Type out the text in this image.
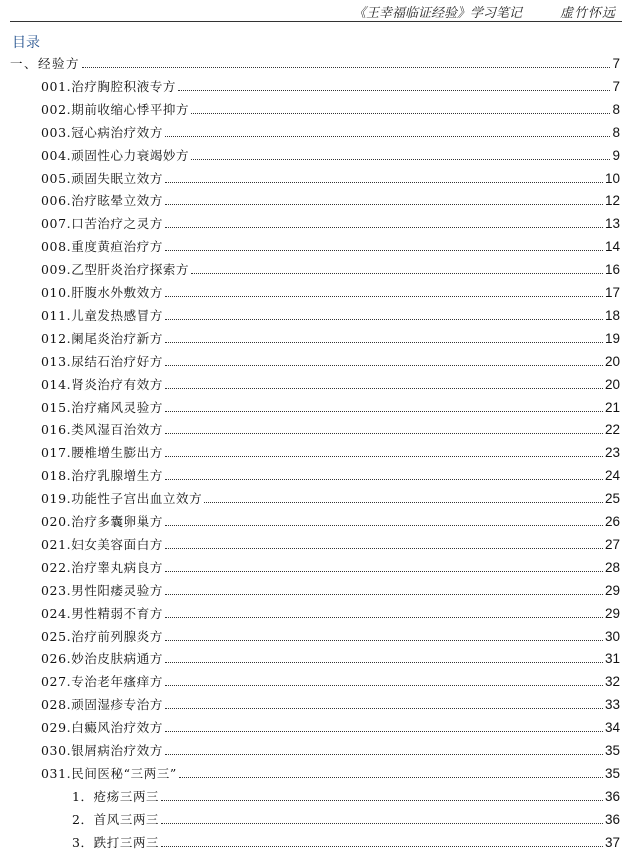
《王幸福临证经验》学习笔记	虚竹怀远
目录
一、经验方	7
001.治疗胸腔积液专方	7
002.期前收缩心悸平抑方	8
003.冠心病治疗效方	8
004.顽固性心力衰竭妙方	9
005.顽固失眠立效方	10
006.治疗眩晕立效方	12
007.口苦治疗之灵方	13
008.重度黄疸治疗方	14
009.乙型肝炎治疗探索方	16
010.肝腹水外敷效方	17
011.儿童发热感冒方	18
012.阑尾炎治疗新方	19
013.尿结石治疗好方	20
014.肾炎治疗有效方	20
015.治疗痛风灵验方	21
016.类风湿百治效方	22
017.腰椎增生膨出方	23
018.治疗乳腺增生方	24
019.功能性子宫出血立效方	25
020.治疗多囊卵巢方	26
021.妇女美容面白方	27
022.治疗睾丸病良方	28
023.男性阳痿灵验方	29
024.男性精弱不育方	29
025.治疗前列腺炎方	30
026.妙治皮肤病通方	31
027.专治老年瘙痒方	32
028.顽固湿疹专治方	33
029.白癜风治疗效方	34
030.银屑病治疗效方	35
031.民间医秘“三两三”	35
1．疮疡三两三	36
2．首风三两三	36
3．跌打三两三	37
